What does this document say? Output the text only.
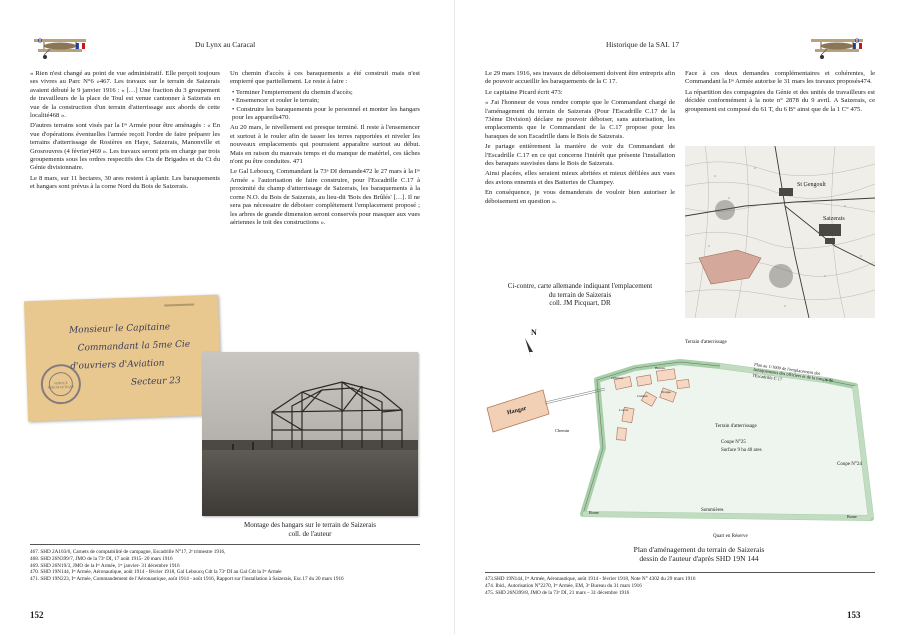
Du Lynx au Caracal

« Rien n'est changé au point de vue administratif. Elle perçoit toujours ses vivres au Parc N°6 »467. Les travaux sur le terrain de Saizerais avaient débuté le 9 janvier 1916 : « […] Une fraction du 3 groupement de travailleurs de la place de Toul est venue cantonner à Saizerais en vue de la construction d'un terrain d'atterrissage aux abords de cette localité468 ».

D'autres terrains sont visés par la Iʳᵉ Armée pour être aménagés : « En vue d'opérations éventuelles l'armée reçoit l'ordre de faire préparer les terrains d'atterrissage de Rosières en Haye, Saizerais, Manonville et Grosrouvres (4 février)469 ». Les travaux seront pris en charge par trois groupements sous les ordres respectifs des Cts de Brigades et du Ct du Génie divisionnaire.

Le 8 mars, sur 11 hectares, 30 ares restent à aplanir. Les baraquements et hangars sont prévus à la corne Nord du Bois de Saizerais.

Un chemin d'accès à ces baraquements a été construit mais n'est empierré que partiellement. Le reste à faire :

• Terminer l'empierrement du chemin d'accès;
• Ensemencer et rouler le terrain;
• Construire les baraquements pour le personnel et monter les hangars pour les appareils470.

Au 20 mars, le nivellement est presque terminé. Il reste à l'ensemencer et surtout à le rouler afin de tasser les terres rapportées et niveler les nouveaux emplacements qui pourraient apparaître surtout au début. Mais en raison du mauvais temps et du manque de matériel, ces tâches n'ont pu être conduites. 471

Le Gal Leboucq, Commandant la 73ᵉ DI demande472 le 27 mars à la Iʳᵉ Armée « l'autorisation de faire construire, pour l'Escadrille C.17 à proximité du champ d'atterrissage de Saizerais, les baraquements à la corne N.O. du Bois de Saizerais, au lieu-dit 'Bois des Brûlés' […]. Il ne sera pas nécessaire de déboiser complètement l'emplacement proposé ; les arbres de grande dimension seront conservés pour masquer aux vues aériennes le toit des constructions ».

Monsieur le Capitaine
Commandant la 5me Cie
d'ouvriers d'Aviation
Secteur 23
SERVICE AÉRONAUTIQUE
Montage des hangars sur le terrain de Saizerais
coll. de l'auteur
467. SHD 2A103/6, Carnets de comptabilité de campagne, Escadrille N°17, 2ᵉ trimestre 1916,
468. SHD 26N399/7, JMO de la 73ᵉ DI, 17 août 1915- 20 mars 1916
469. SHD 26N19/3, JMO de la Iʳᵉ Armée, 1ᵉʳ janvier- 31 décembre 1916
470. SHD 19N144, Iʳᵉ Armée, Aéronautique, août 1914 - février 1918, Gal Leboucq Cdt la 73ᵉ DI au Gal Cdt la Iʳᵉ Armée
471. SHD 19N223, Iʳᵉ Armée, Commandement de l'Aéronautique, août 1914 - août 1916, Rapport sur l'installation à Saizerais, Esc.17 du 20 mars 1916
152
Historique de la SAI. 17

Le 29 mars 1916, ses travaux de déboisement doivent être entrepris afin de pouvoir accueillir les baraquements de la C 17.

Le capitaine Picard écrit 473:

« J'ai l'honneur de vous rendre compte que le Commandant chargé de l'aménagement du terrain de Saizerais (Pour l'Escadrille C.17 de la 73ème Division) déclare ne pouvoir déboiser, sans autorisation, les emplacements que le Commandant de la C.17 propose pour les baraques de son Escadrille dans le Bois de Saizerais.

Je partage entièrement la manière de voir du Commandant de l'Escadrille C.17 en ce qui concerne l'intérêt que présente l'installation des baraques susvisées dans le Bois de Saizerais.

Ainsi placées, elles seraient mieux abritées et mieux défilées aux vues des avions ennemis et des Batteries de Champey.

En conséquence, je vous demanderais de vouloir bien autoriser le déboisement en question ».

Face à ces deux demandes complémentaires et cohérentes, le Commandant la Iʳᵉ Armée autorise le 31 mars les travaux proposés474.

La répartition des compagnies du Génie et des unités de travailleurs est décidée conformément à la note n° 2878 du 9 avril. A Saizerais, ce groupement est composé du 61 T, du 6 B° ainsi que de la 1 C° 475.

St Gengoult
Saizerais
Ci-contre, carte allemande indiquant l'emplacement
du terrain de Saizerais
coll. JM Picquart, DR
N
Terrain d'atterrissage
Hangar
Chemin
Plan au 1/1000 de l'emplacement des baraquements des officiers et de la troupe de l'Escadrille C 17
Coupe N°25
Surface 9 ha 40 ares
Coupe N°24
Terrain d'atterrissage
Sommières
Quart en Réserve
Borne
Borne
Officiers
Bureau
Troupe
Cuisine
Lavoir
Plan d'aménagement du terrain de Saizerais
dessin de l'auteur d'après SHD 19N 144
473.SHD 19N144, Iʳᵉ Armée, Aéronautique, août 1914 - février 1918, Note N° 4302 du 29 mars 1916
474. Ibid., Autorisation N°2270, Iʳᵉ Armée, EM, 3ᵉ Bureau du 31 mars 1916
475. SHD 26N399/8, JMO de la 73ᵉ DI, 21 mars – 31 décembre 1916
153
